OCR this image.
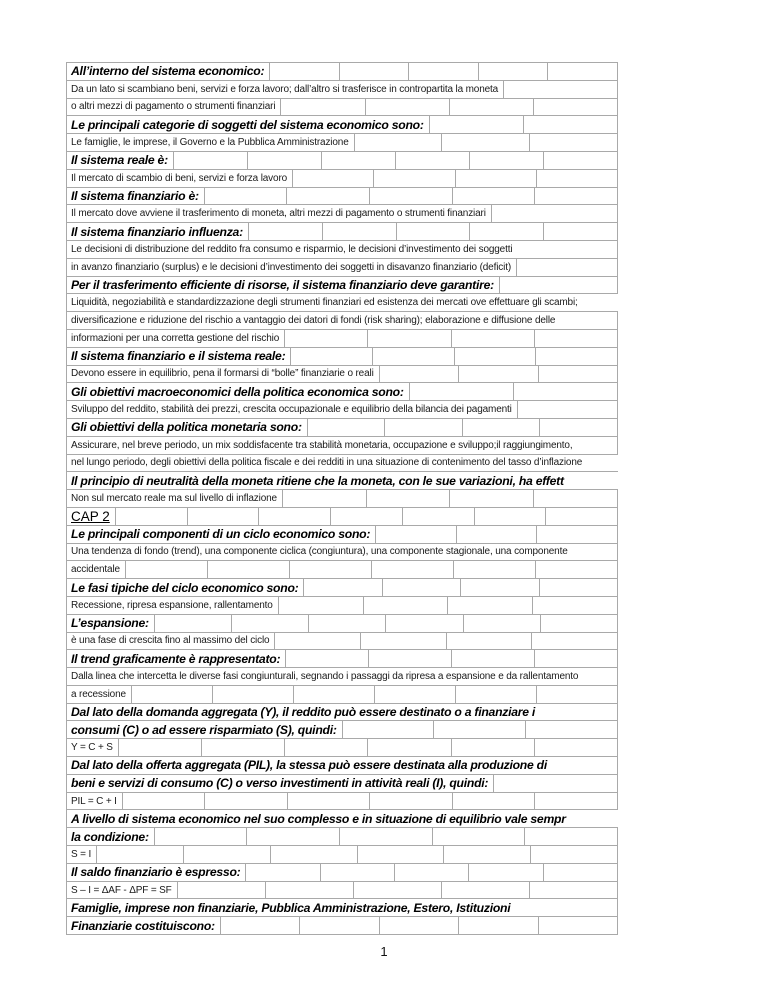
All’interno del sistema economico:
Da un lato si scambiano beni, servizi e forza lavoro; dall’altro si trasferisce in contropartita la moneta
o altri mezzi di pagamento o strumenti finanziari
Le principali categorie di soggetti del sistema economico sono:
Le famiglie, le imprese, il Governo e la Pubblica Amministrazione
Il sistema reale è:
Il mercato di scambio di beni, servizi e forza lavoro
Il sistema finanziario è:
Il mercato dove avviene il trasferimento di moneta, altri mezzi di pagamento o strumenti finanziari
Il sistema finanziario influenza:
Le decisioni di distribuzione del reddito fra consumo e risparmio, le decisioni d’investimento dei soggetti
in avanzo finanziario (surplus) e le decisioni d’investimento dei soggetti in disavanzo finanziario (deficit)
Per il trasferimento efficiente di risorse, il sistema finanziario deve garantire:
Liquidità, negoziabilità e standardizzazione degli strumenti finanziari ed esistenza dei mercati ove effettuare gli scambi;
diversificazione e riduzione del rischio a vantaggio dei datori di fondi (risk sharing); elaborazione e diffusione delle
informazioni per una corretta gestione del rischio
Il sistema finanziario e il sistema reale:
Devono essere in equilibrio, pena il formarsi di “bolle” finanziarie o reali
Gli obiettivi macroeconomici della politica economica sono:
Sviluppo del reddito, stabilità dei prezzi, crescita occupazionale e equilibrio della bilancia dei pagamenti
Gli obiettivi della politica monetaria sono:
Assicurare, nel breve periodo, un mix soddisfacente tra stabilità monetaria, occupazione e sviluppo;il raggiungimento,
nel lungo periodo, degli obiettivi della politica fiscale e dei redditi in una situazione di contenimento del tasso d’inflazione
Il principio di neutralità della moneta ritiene che la moneta, con le sue variazioni, ha effett
Non sul mercato reale ma sul livello di inflazione
CAP 2
Le principali componenti di un ciclo economico sono:
Una tendenza di fondo (trend), una componente ciclica (congiuntura), una componente stagionale, una componente
accidentale
Le fasi tipiche del ciclo economico sono:
Recessione, ripresa espansione, rallentamento
L’espansione:
è una fase di crescita fino al massimo del ciclo
Il trend graficamente è rappresentato:
Dalla linea che intercetta le diverse fasi congiunturali, segnando i passaggi da ripresa a espansione e da rallentamento
a recessione
Dal lato della domanda aggregata (Y), il reddito può essere destinato o a finanziare i
consumi (C) o ad essere risparmiato (S), quindi:
Y = C + S
Dal lato della offerta aggregata (PIL), la stessa può essere destinata alla produzione di
beni e servizi di consumo (C) o verso investimenti in attività reali (I), quindi:
PIL = C + I
A livello di sistema economico nel suo complesso e in situazione di equilibrio vale sempr
la condizione:
S = I
Il saldo finanziario è espresso:
S – I = ΔAF - ΔPF = SF
Famiglie, imprese non finanziarie, Pubblica Amministrazione, Estero, Istituzioni
Finanziarie costituiscono:
1
